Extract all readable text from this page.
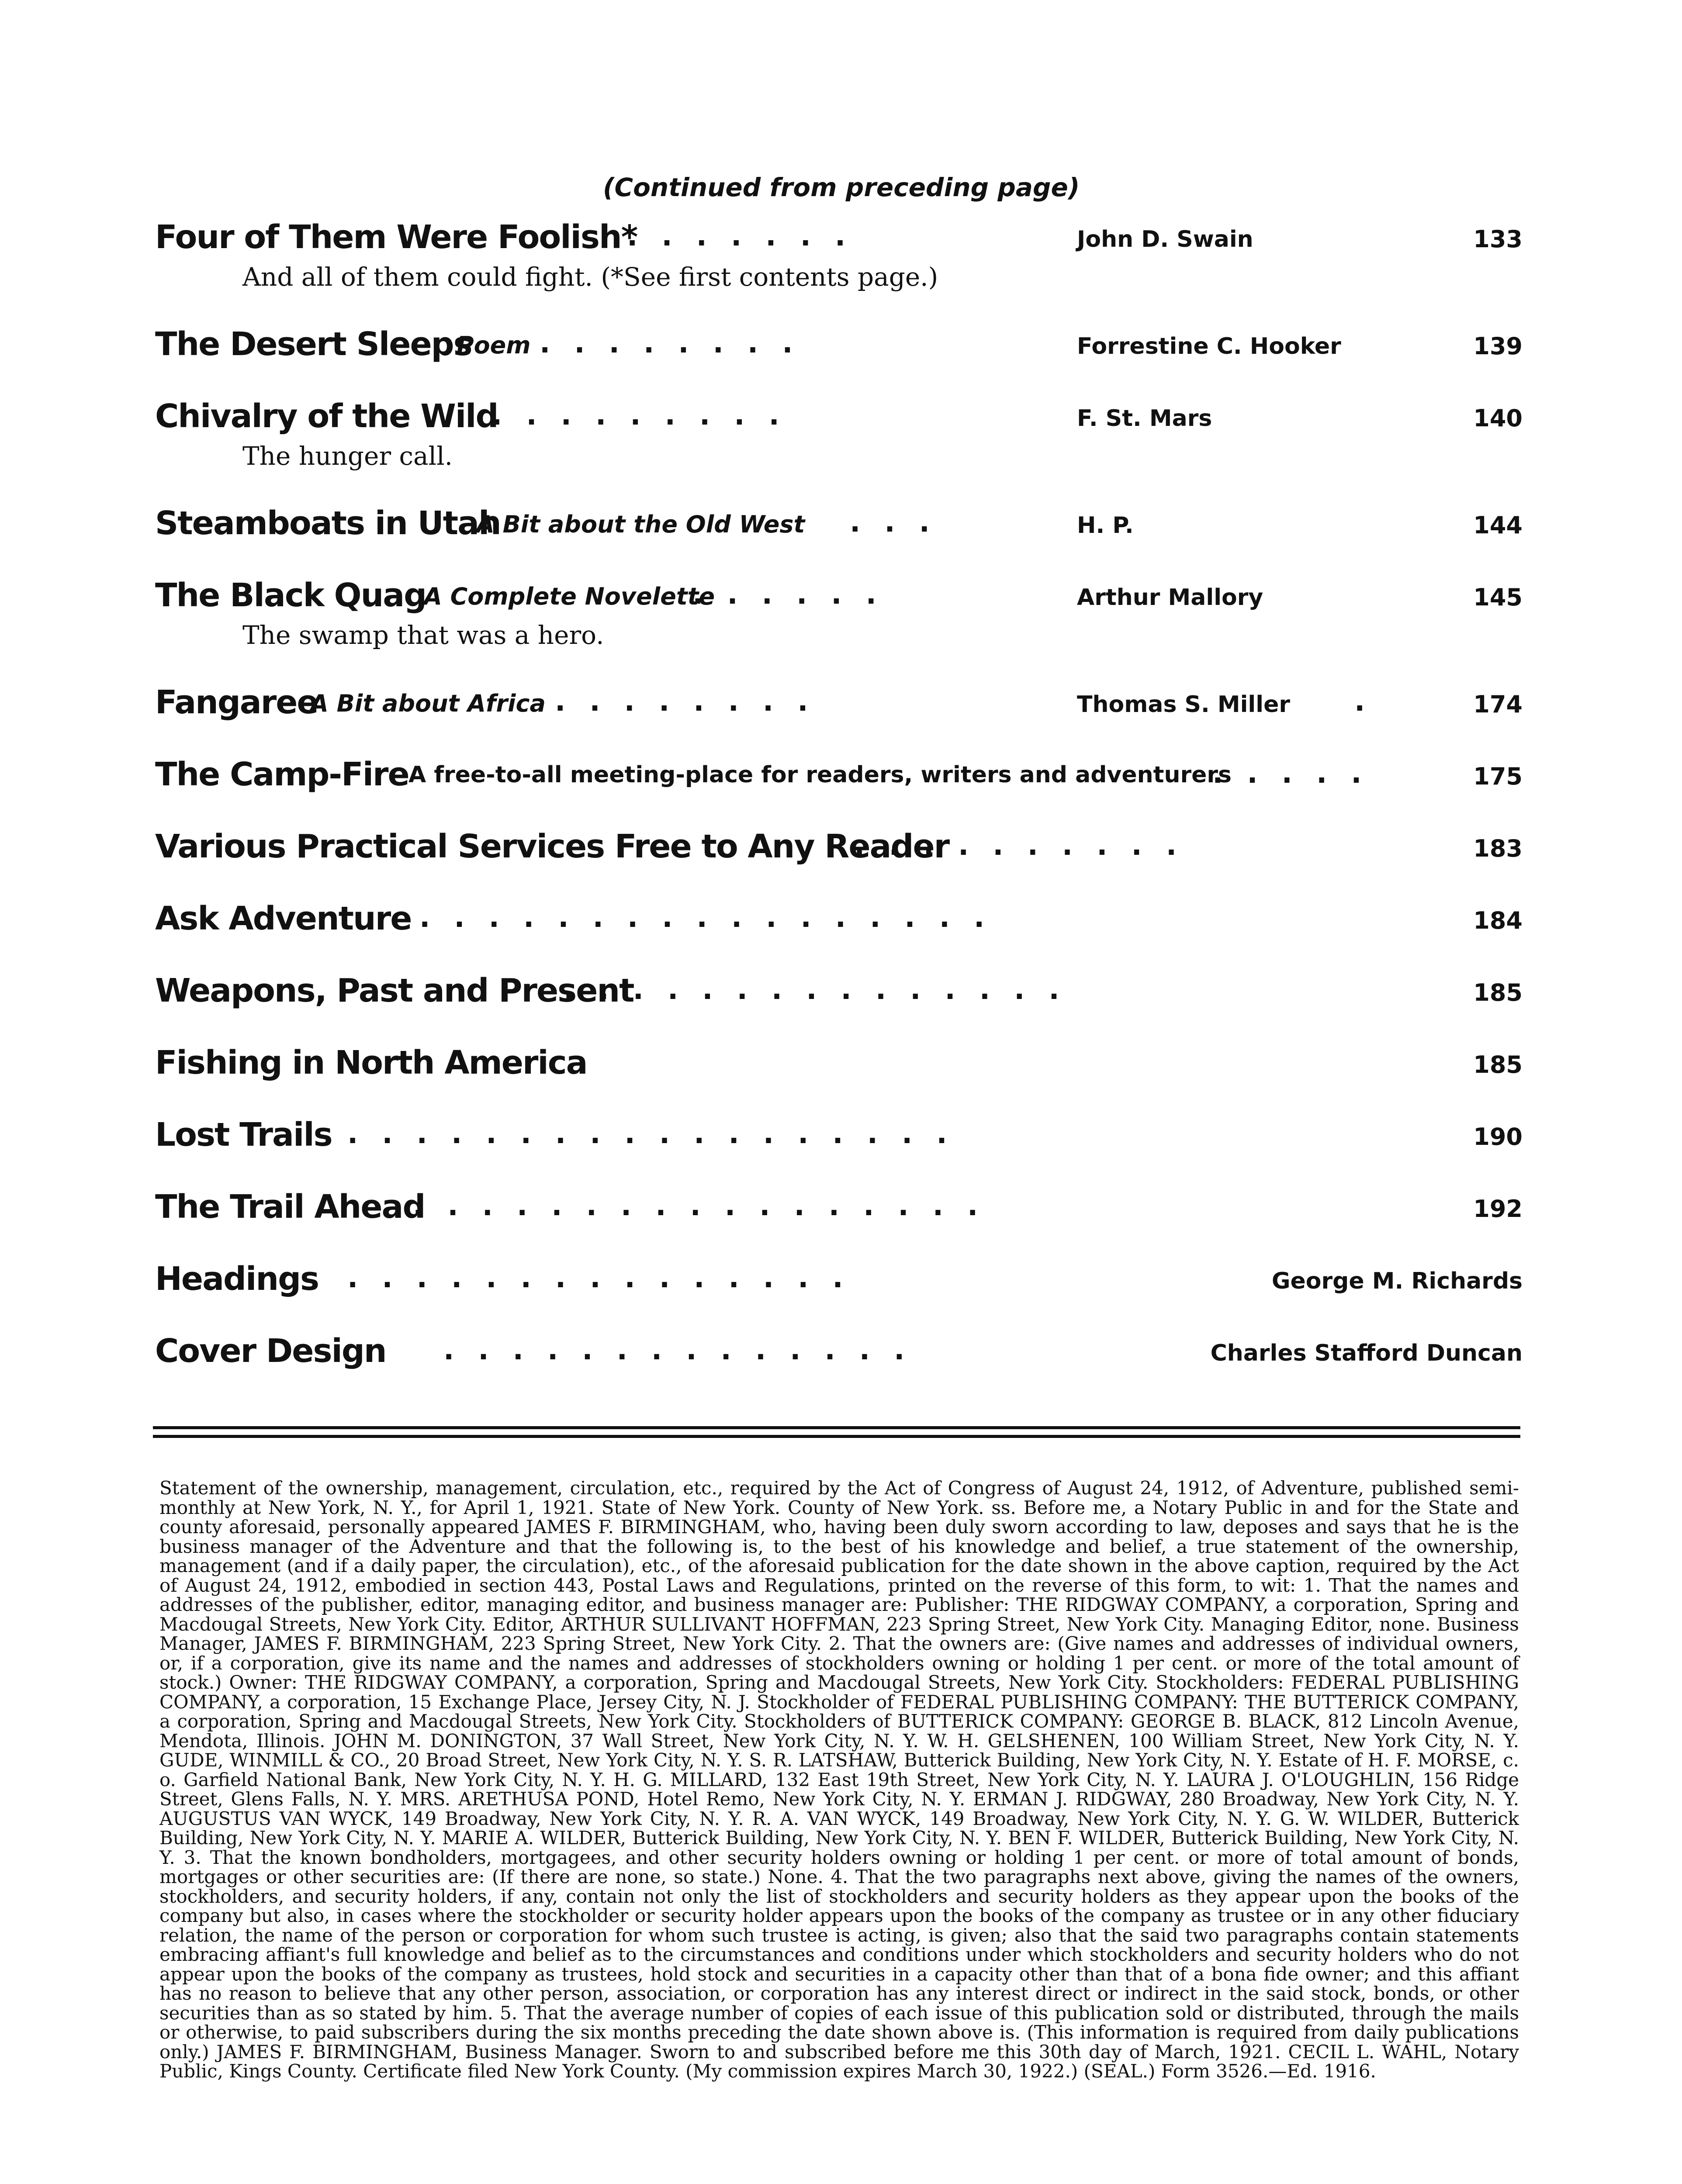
(Continued from preceding page)
Four of Them Were Foolish*
.......	John D. Swain	133
And all of them could fight. (*See first contents page.)
The Desert Sleeps
Poem ........	Forrestine C. Hooker	139
Chivalry of the Wild
.........	F. St. Mars	140
The hunger call.
Steamboats in Utah
A Bit about the Old West ...	H. P.	144
The Black Quag
A Complete Novelette
......	Arthur Mallory	145
The swamp that was a hero.
Fangaree
A Bit about Africa ........	Thomas S. Miller .	174
The Camp-Fire A free-to-all meeting-place for readers, writers and adventurers
.....	175
Various Practical Services Free to Any Reader
..........	183
Ask Adventure .................	184
Weapons, Past and Present
...............	185
Fishing in North America	185
Lost Trails ..................	190
The Trail Ahead
.................	192
Headings ...............	George M. Richards
Cover Design ..............	Charles Stafford Duncan
Statement of the ownership, management, circulation, etc., required by the Act of Congress of August 24, 1912, of Adventure, published semi-monthly at New York, N. Y., for April 1, 1921. State of New York. County of New York. ss. Before me, a Notary Public in and for the State and county aforesaid, personally appeared JAMES F. BIRMINGHAM, who, having been duly sworn according to law, deposes and says that he is the business manager of the Adventure and that the following is, to the best of his knowledge and belief, a true statement of the ownership, management (and if a daily paper, the circulation), etc., of the aforesaid publication for the date shown in the above caption, required by the Act of August 24, 1912, embodied in section 443, Postal Laws and Regulations, printed on the reverse of this form, to wit: 1. That the names and addresses of the publisher, editor, managing editor, and business manager are: Publisher: THE RIDGWAY COMPANY, a corporation, Spring and Macdougal Streets, New York City. Editor, ARTHUR SULLIVANT HOFFMAN, 223 Spring Street, New York City. Managing Editor, none. Business Manager, JAMES F. BIRMINGHAM, 223 Spring Street, New York City. 2. That the owners are: (Give names and addresses of individual owners, or, if a corporation, give its name and the names and addresses of stockholders owning or holding 1 per cent. or more of the total amount of stock.) Owner: THE RIDGWAY COMPANY, a corporation, Spring and Macdougal Streets, New York City. Stockholders: FEDERAL PUBLISHING COMPANY, a corporation, 15 Exchange Place, Jersey City, N. J. Stockholder of FEDERAL PUBLISHING COMPANY: THE BUTTERICK COMPANY, a corporation, Spring and Macdougal Streets, New York City. Stockholders of BUTTERICK COMPANY: GEORGE B. BLACK, 812 Lincoln Avenue, Mendota, Illinois. JOHN M. DONINGTON, 37 Wall Street, New York City, N. Y. W. H. GELSHENEN, 100 William Street, New York City, N. Y. GUDE, WINMILL & CO., 20 Broad Street, New York City, N. Y. S. R. LATSHAW, Butterick Building, New York City, N. Y. Estate of H. F. MORSE, c. o. Garfield National Bank, New York City, N. Y. H. G. MILLARD, 132 East 19th Street, New York City, N. Y. LAURA J. O'LOUGHLIN, 156 Ridge Street, Glens Falls, N. Y. MRS. ARETHUSA POND, Hotel Remo, New York City, N. Y. ERMAN J. RIDGWAY, 280 Broadway, New York City, N. Y. AUGUSTUS VAN WYCK, 149 Broadway, New York City, N. Y. R. A. VAN WYCK, 149 Broadway, New York City, N. Y. G. W. WILDER, Butterick Building, New York City, N. Y. MARIE A. WILDER, Butterick Building, New York City, N. Y. BEN F. WILDER, Butterick Building, New York City, N. Y. 3. That the known bondholders, mortgagees, and other security holders owning or holding 1 per cent. or more of total amount of bonds, mortgages or other securities are: (If there are none, so state.) None. 4. That the two paragraphs next above, giving the names of the owners, stockholders, and security holders, if any, contain not only the list of stockholders and security holders as they appear upon the books of the company but also, in cases where the stockholder or security holder appears upon the books of the company as trustee or in any other fiduciary relation, the name of the person or corporation for whom such trustee is acting, is given; also that the said two paragraphs contain statements embracing affiant's full knowledge and belief as to the circumstances and conditions under which stockholders and security holders who do not appear upon the books of the company as trustees, hold stock and securities in a capacity other than that of a bona fide owner; and this affiant has no reason to believe that any other person, association, or corporation has any interest direct or indirect in the said stock, bonds, or other securities than as so stated by him. 5. That the average number of copies of each issue of this publication sold or distributed, through the mails or otherwise, to paid subscribers during the six months preceding the date shown above is. (This information is required from daily publications only.) JAMES F. BIRMINGHAM, Business Manager. Sworn to and subscribed before me this 30th day of March, 1921. CECIL L. WAHL, Notary Public, Kings County. Certificate filed New York County. (My commission expires March 30, 1922.) (SEAL.) Form 3526.—Ed. 1916.
